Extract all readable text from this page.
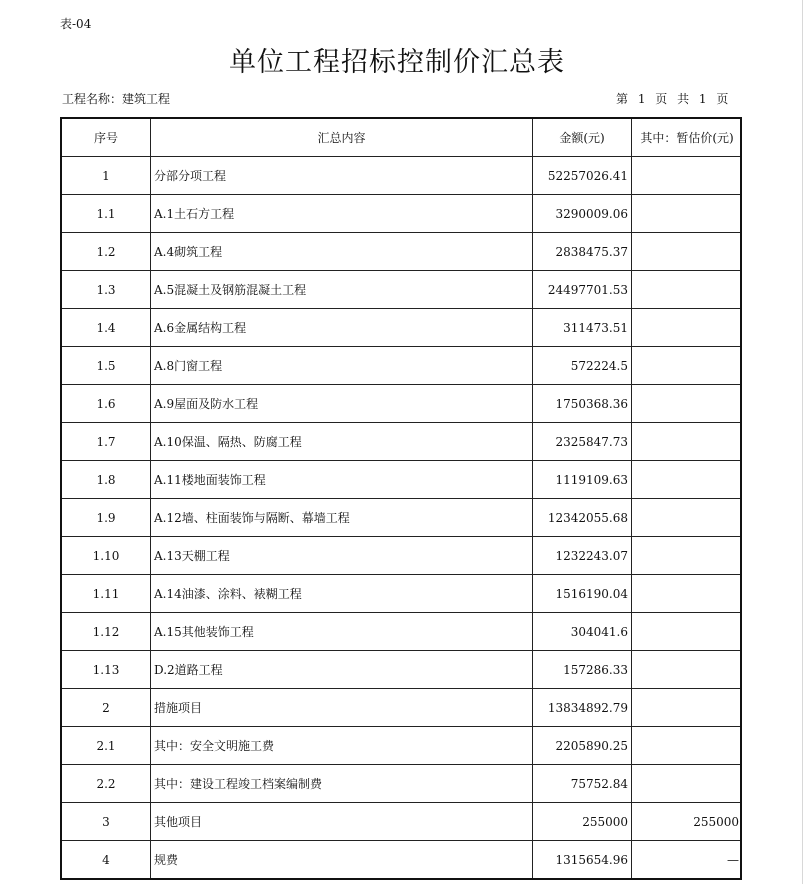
表-04
单位工程招标控制价汇总表
工程名称：建筑工程	第 1 页 共 1 页
序号	汇总内容	金额(元)	其中：暂估价(元)
1	分部分项工程	52257026.41	
1.1	A.1土石方工程	3290009.06	
1.2	A.4砌筑工程	2838475.37	
1.3	A.5混凝土及钢筋混凝土工程	24497701.53	
1.4	A.6金属结构工程	311473.51	
1.5	A.8门窗工程	572224.5	
1.6	A.9屋面及防水工程	1750368.36	
1.7	A.10保温、隔热、防腐工程	2325847.73	
1.8	A.11楼地面装饰工程	1119109.63	
1.9	A.12墙、柱面装饰与隔断、幕墙工程	12342055.68	
1.10	A.13天棚工程	1232243.07	
1.11	A.14油漆、涂料、裱糊工程	1516190.04	
1.12	A.15其他装饰工程	304041.6	
1.13	D.2道路工程	157286.33	
2	措施项目	13834892.79	
2.1	其中：安全文明施工费	2205890.25	
2.2	其中：建设工程竣工档案编制费	75752.84	
3	其他项目	255000	255000
4	规费	1315654.96	—
